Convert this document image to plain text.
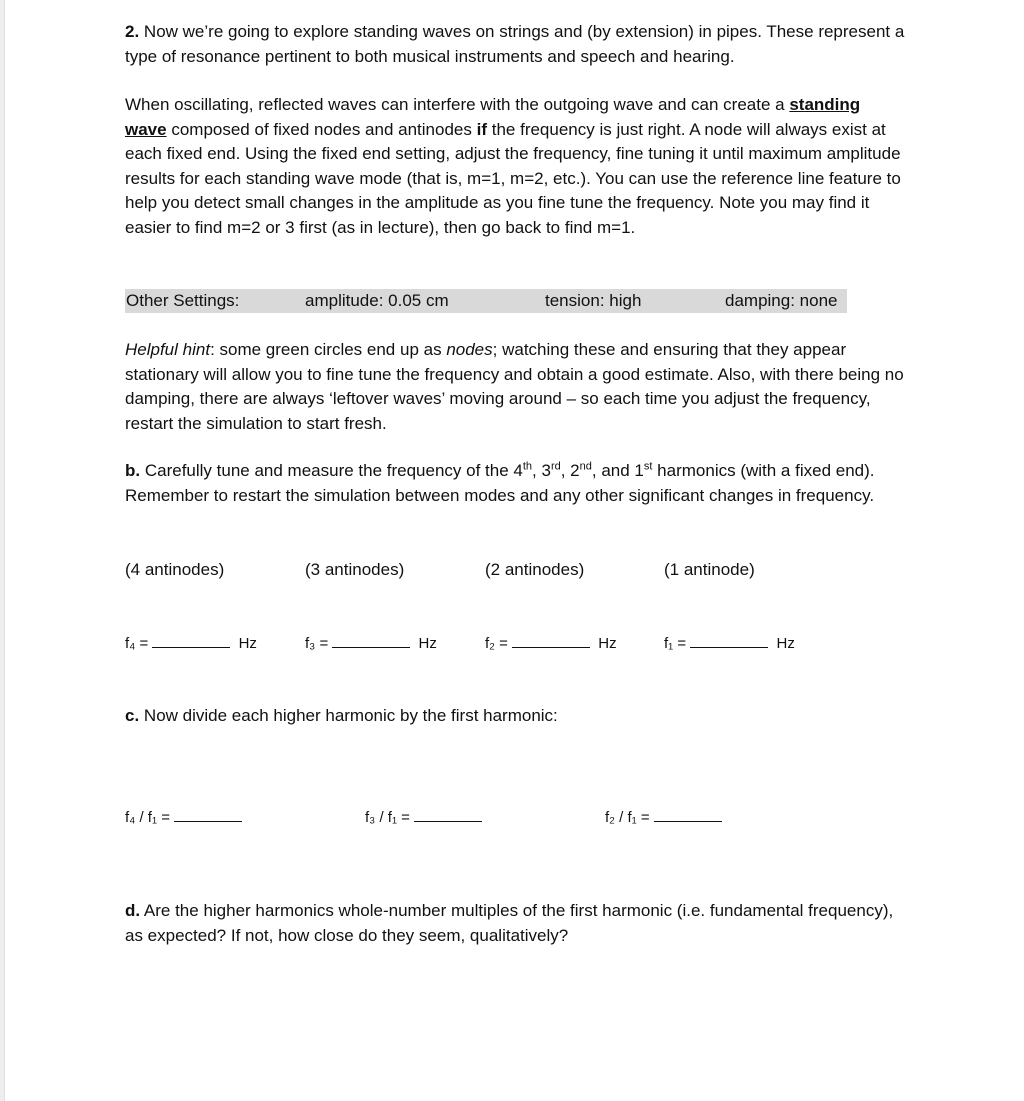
2. Now we’re going to explore standing waves on strings and (by extension) in pipes. These represent a type of resonance pertinent to both musical instruments and speech and hearing.
When oscillating, reflected waves can interfere with the outgoing wave and can create a standing wave composed of fixed nodes and antinodes if the frequency is just right. A node will always exist at each fixed end. Using the fixed end setting, adjust the frequency, fine tuning it until maximum amplitude results for each standing wave mode (that is, m=1, m=2, etc.). You can use the reference line feature to help you detect small changes in the amplitude as you fine tune the frequency. Note you may find it easier to find m=2 or 3 first (as in lecture), then go back to find m=1.
Other Settings:	amplitude: 0.05 cm	tension: high	damping: none
Helpful hint: some green circles end up as nodes; watching these and ensuring that they appear stationary will allow you to fine tune the frequency and obtain a good estimate. Also, with there being no damping, there are always ‘leftover waves’ moving around – so each time you adjust the frequency, restart the simulation to start fresh.
b. Carefully tune and measure the frequency of the 4th, 3rd, 2nd, and 1st harmonics (with a fixed end). Remember to restart the simulation between modes and any other significant changes in frequency.
(4 antinodes)	(3 antinodes)	(2 antinodes)	(1 antinode)
f₄ =	Hz	f₃ =	Hz	f₂ =	Hz	f₁ =	Hz
c. Now divide each higher harmonic by the first harmonic:
f₄ / f₁ =	f₃ / f₁ =	f₂ / f₁ =
d. Are the higher harmonics whole-number multiples of the first harmonic (i.e. fundamental frequency), as expected? If not, how close do they seem, qualitatively?
